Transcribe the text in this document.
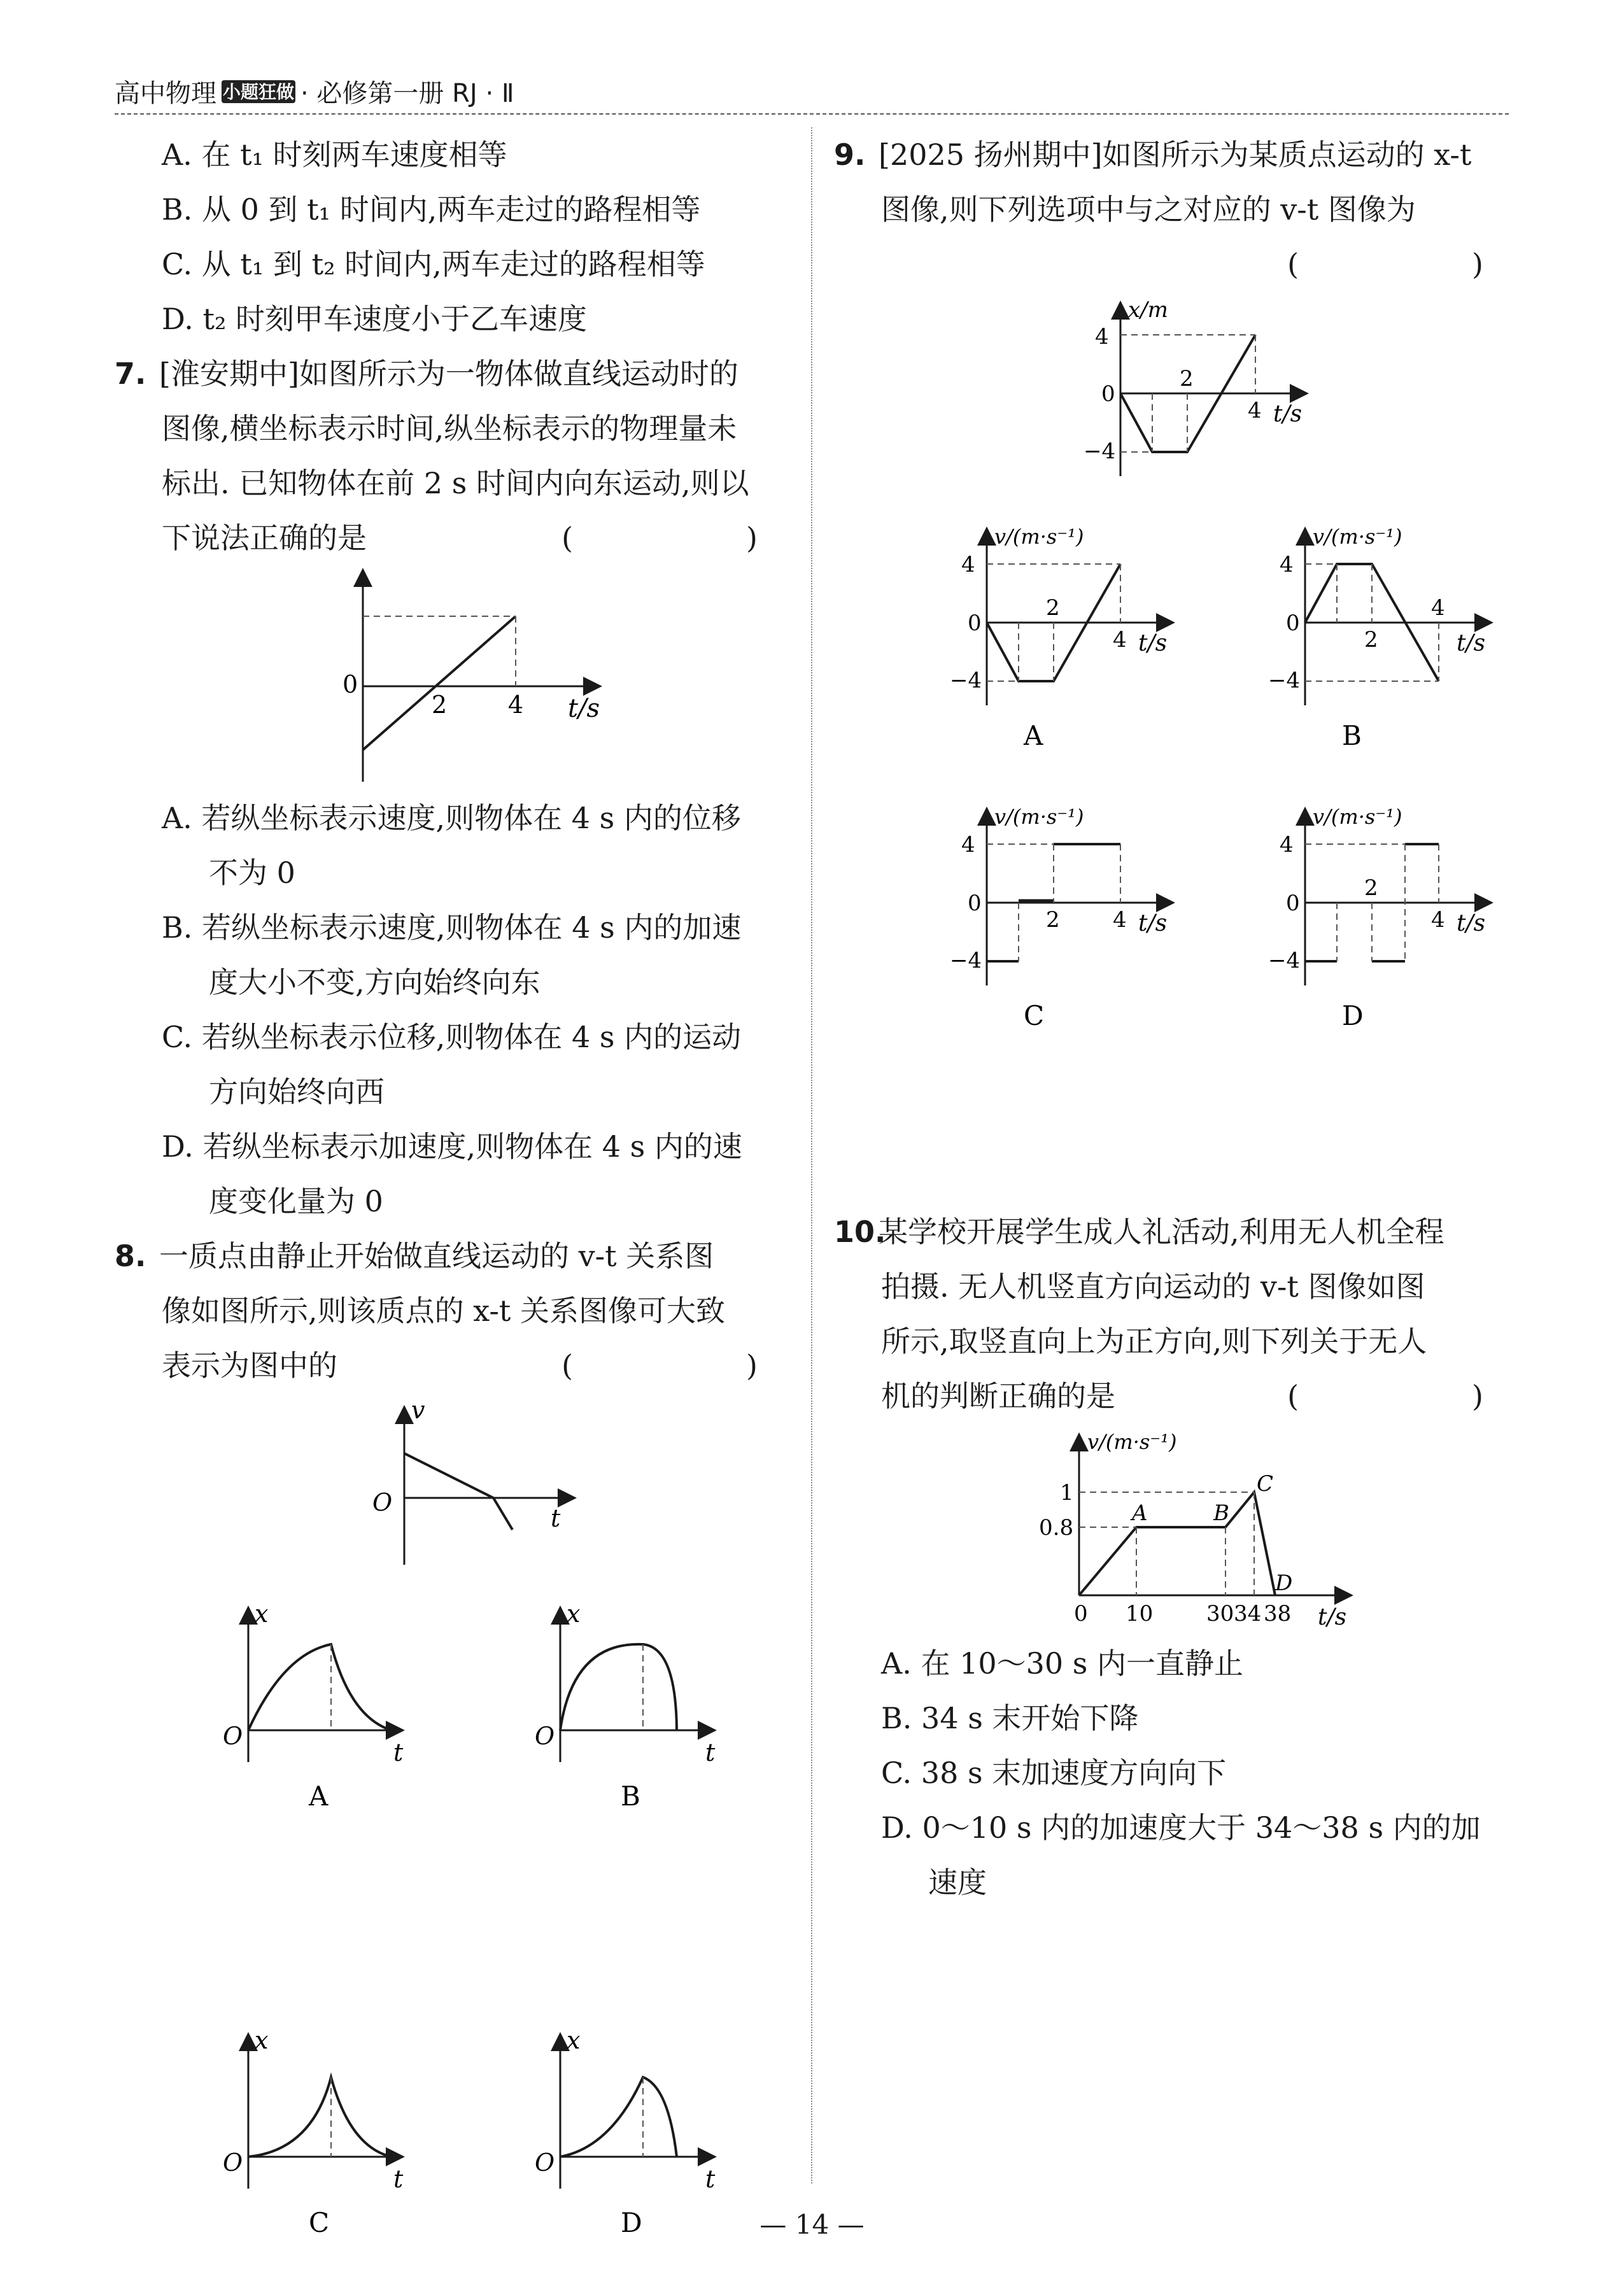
高中物理 小题狂做 · 必修第一册 RJ · Ⅱ
A. 在 t₁ 时刻两车速度相等
B. 从 0 到 t₁ 时间内,两车走过的路程相等
C. 从 t₁ 到 t₂ 时间内,两车走过的路程相等
D. t₂ 时刻甲车速度小于乙车速度
7. [淮安期中]如图所示为一物体做直线运动时的
图像,横坐标表示时间,纵坐标表示的物理量未
标出. 已知物体在前 2 s 时间内向东运动,则以
下说法正确的是	(　　)
0
2	4 t/s
A. 若纵坐标表示速度,则物体在 4 s 内的位移
不为 0
B. 若纵坐标表示速度,则物体在 4 s 内的加速
度大小不变,方向始终向东
C. 若纵坐标表示位移,则物体在 4 s 内的运动
方向始终向西
D. 若纵坐标表示加速度,则物体在 4 s 内的速
度变化量为 0
8. 一质点由静止开始做直线运动的 v-t 关系图
像如图所示,则该质点的 x-t 关系图像可大致
表示为图中的	(　　)
v
O
t
x
O
t
A
x
O
t
B
x
O
t
C
x
O
t
D
9. [2025 扬州期中]如图所示为某质点运动的 x-t
图像,则下列选项中与之对应的 v-t 图像为
(　　)
x/m
4
0
−4
2
4 t/s
v/(m·s⁻¹)
4
0
−4
2
4 t/s
A
v/(m·s⁻¹)
4
0
−4
2
4
t/s
B
v/(m·s⁻¹)
4
0
−4
2 4 t/s
C
v/(m·s⁻¹)
4
0
−4
2
4 t/s
D
10.某学校开展学生成人礼活动,利用无人机全程
拍摄. 无人机竖直方向运动的 v-t 图像如图
所示,取竖直向上为正方向,则下列关于无人
机的判断正确的是	(　　)
v/(m·s⁻¹)
1
0.8
0 10 30 34 38 t/s
A	B
C
D
A. 在 10～30 s 内一直静止
B. 34 s 末开始下降
C. 38 s 末加速度方向向下
D. 0～10 s 内的加速度大于 34～38 s 内的加
速度
— 14 —
